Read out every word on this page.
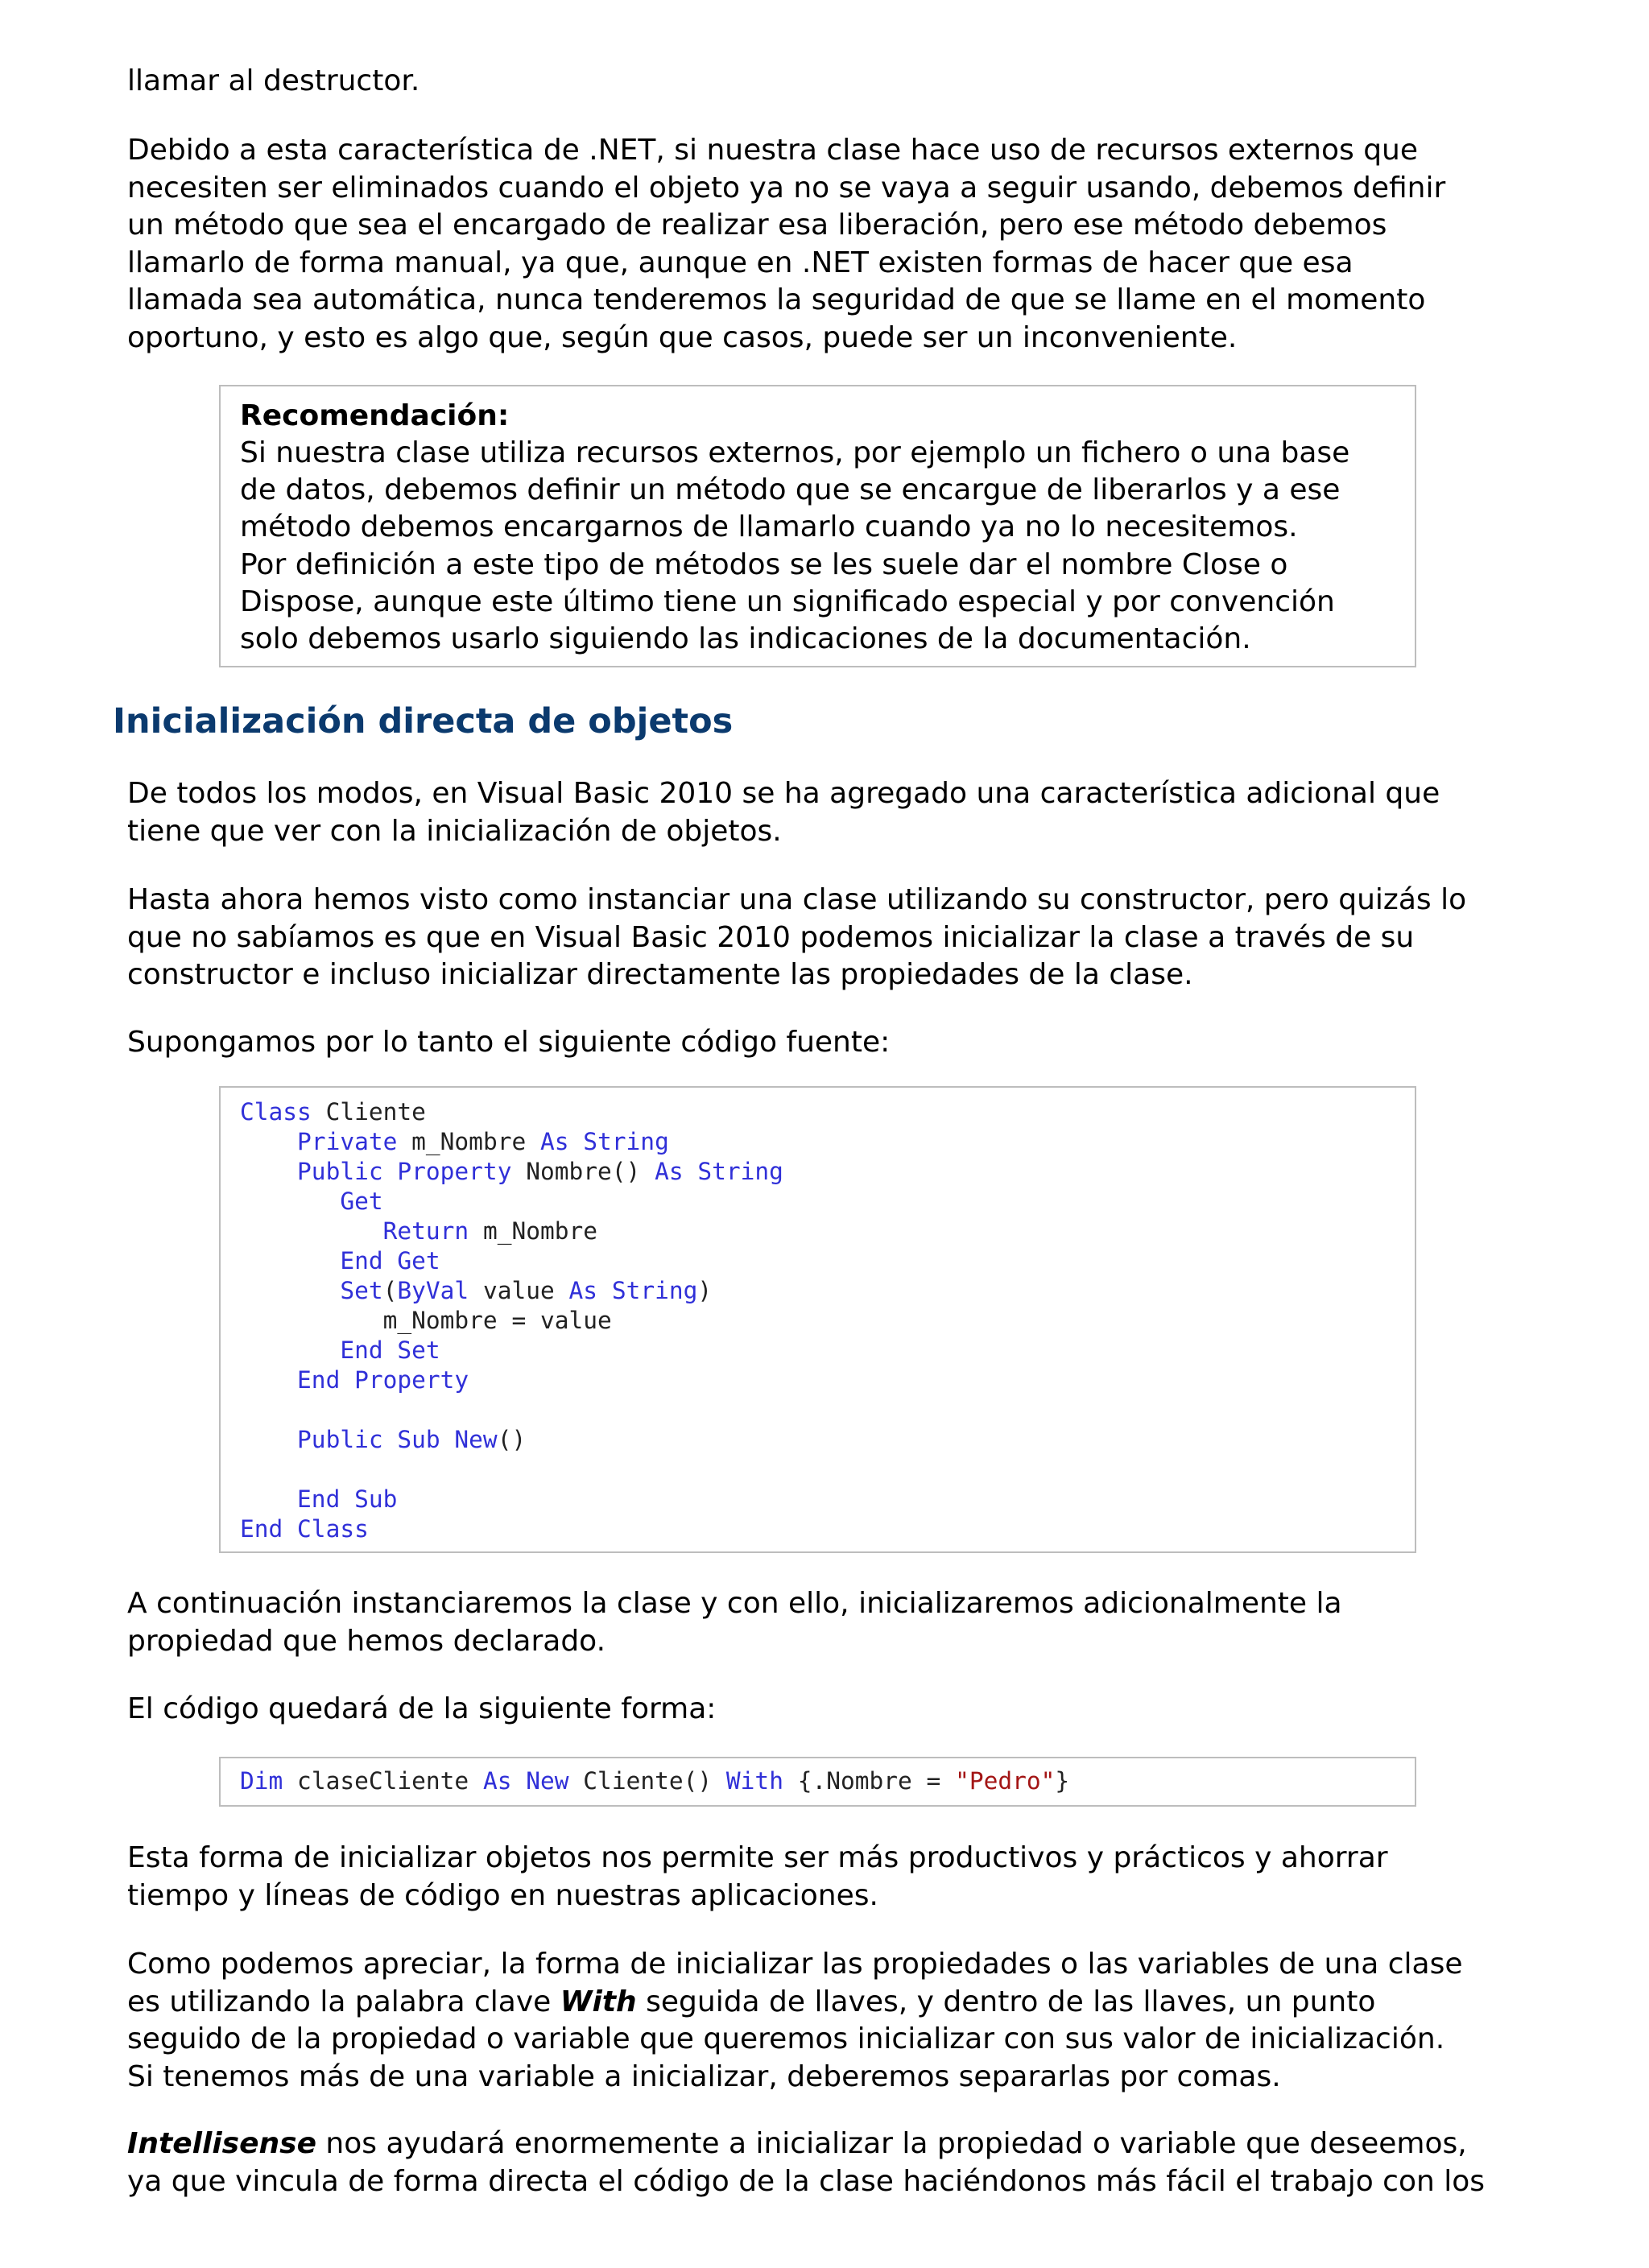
llamar al destructor.

Debido a esta característica de .NET, si nuestra clase hace uso de recursos externos que
necesiten ser eliminados cuando el objeto ya no se vaya a seguir usando, debemos definir
un método que sea el encargado de realizar esa liberación, pero ese método debemos
llamarlo de forma manual, ya que, aunque en .NET existen formas de hacer que esa
llamada sea automática, nunca tenderemos la seguridad de que se llame en el momento
oportuno, y esto es algo que, según que casos, puede ser un inconveniente.

Recomendación:
Si nuestra clase utiliza recursos externos, por ejemplo un fichero o una base
de datos, debemos definir un método que se encargue de liberarlos y a ese
método debemos encargarnos de llamarlo cuando ya no lo necesitemos.
Por definición a este tipo de métodos se les suele dar el nombre Close o
Dispose, aunque este último tiene un significado especial y por convención
solo debemos usarlo siguiendo las indicaciones de la documentación.
Inicialización directa de objetos

De todos los modos, en Visual Basic 2010 se ha agregado una característica adicional que
tiene que ver con la inicialización de objetos.

Hasta ahora hemos visto como instanciar una clase utilizando su constructor, pero quizás lo
que no sabíamos es que en Visual Basic 2010 podemos inicializar la clase a través de su
constructor e incluso inicializar directamente las propiedades de la clase.

Supongamos por lo tanto el siguiente código fuente:

Class Cliente
Private m_Nombre As String
Public Property Nombre() As String
Get
Return m_Nombre
End Get
Set(ByVal value As String)
m_Nombre = value
End Set
End Property
Public Sub New()
End Sub
End Class

A continuación instanciaremos la clase y con ello, inicializaremos adicionalmente la
propiedad que hemos declarado.

El código quedará de la siguiente forma:

Dim claseCliente As New Cliente() With {.Nombre = "Pedro"}

Esta forma de inicializar objetos nos permite ser más productivos y prácticos y ahorrar
tiempo y líneas de código en nuestras aplicaciones.

Como podemos apreciar, la forma de inicializar las propiedades o las variables de una clase
es utilizando la palabra clave With seguida de llaves, y dentro de las llaves, un punto
seguido de la propiedad o variable que queremos inicializar con sus valor de inicialización.
Si tenemos más de una variable a inicializar, deberemos separarlas por comas.

Intellisense nos ayudará enormemente a inicializar la propiedad o variable que deseemos,
ya que vincula de forma directa el código de la clase haciéndonos más fácil el trabajo con los
